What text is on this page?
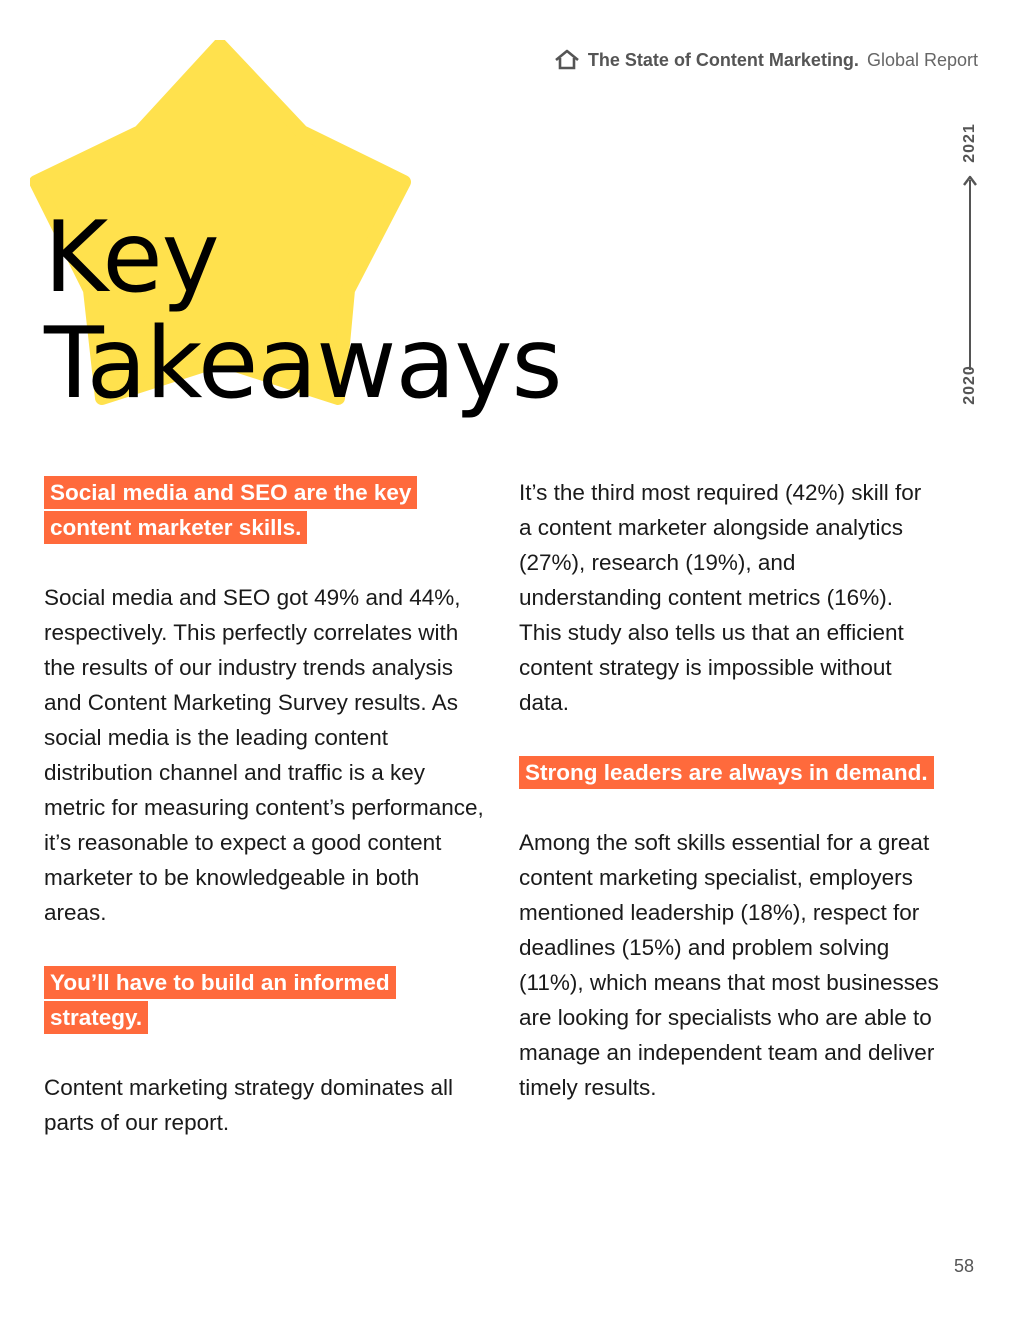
The State of Content Marketing. Global Report
2021
2020
Key
Takeaways
Social media and SEO are the key content marketer skills.

Social media and SEO got 49% and 44%, respectively. This perfectly correlates with the results of our industry trends analysis and Content Marketing Survey results. As social media is the leading content distribution channel and traffic is a key metric for measuring content’s performance, it’s reasonable to expect a good content marketer to be knowledgeable in both areas.

You’ll have to build an informed strategy.

Content marketing strategy dominates all parts of our report.

It’s the third most required (42%) skill for a content marketer alongside analytics (27%), research (19%), and understanding content metrics (16%). This study also tells us that an efficient content strategy is impossible without data.

Strong leaders are always in demand.

Among the soft skills essential for a great content marketing specialist, employers mentioned leadership (18%), respect for deadlines (15%) and problem solving (11%), which means that most businesses are looking for specialists who are able to manage an independent team and deliver timely results.

58
